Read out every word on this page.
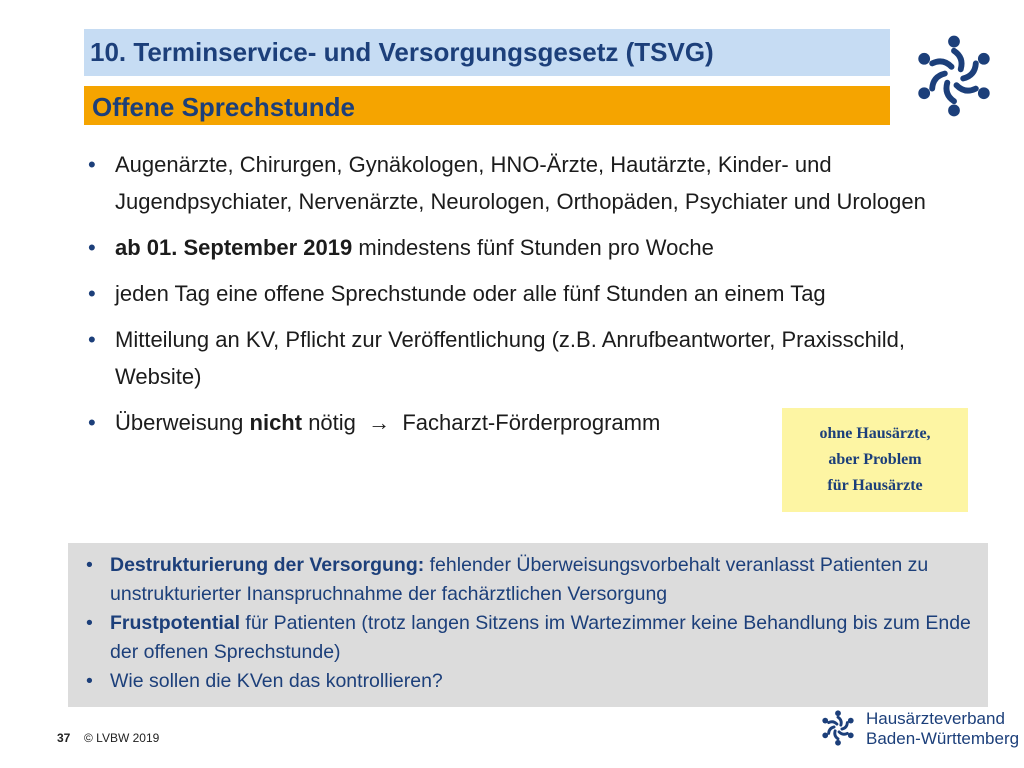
10. Terminservice- und Versorgungsgesetz (TSVG)
Offene Sprechstunde
• Augenärzte, Chirurgen, Gynäkologen, HNO-Ärzte, Hautärzte, Kinder- und Jugendpsychiater, Nervenärzte, Neurologen, Orthopäden, Psychiater und Urologen
• ab 01. September 2019 mindestens fünf Stunden pro Woche
• jeden Tag eine offene Sprechstunde oder alle fünf Stunden an einem Tag
• Mitteilung an KV, Pflicht zur Veröffentlichung (z.B. Anrufbeantworter, Praxisschild, Website)
• Überweisung nicht nötig  →  Facharzt-Förderprogramm	ohne Hausärzte,
aber Problem
für Hausärzte
• Destrukturierung der Versorgung: fehlender Überweisungsvorbehalt veranlasst Patienten zu unstrukturierter Inanspruchnahme der fachärztlichen Versorgung
• Frustpotential für Patienten (trotz langen Sitzens im Wartezimmer keine Behandlung bis zum Ende der offenen Sprechstunde)
• Wie sollen die KVen das kontrollieren?
37 © LVBW 2019
Hausärzteverband
Baden-Württemberg
